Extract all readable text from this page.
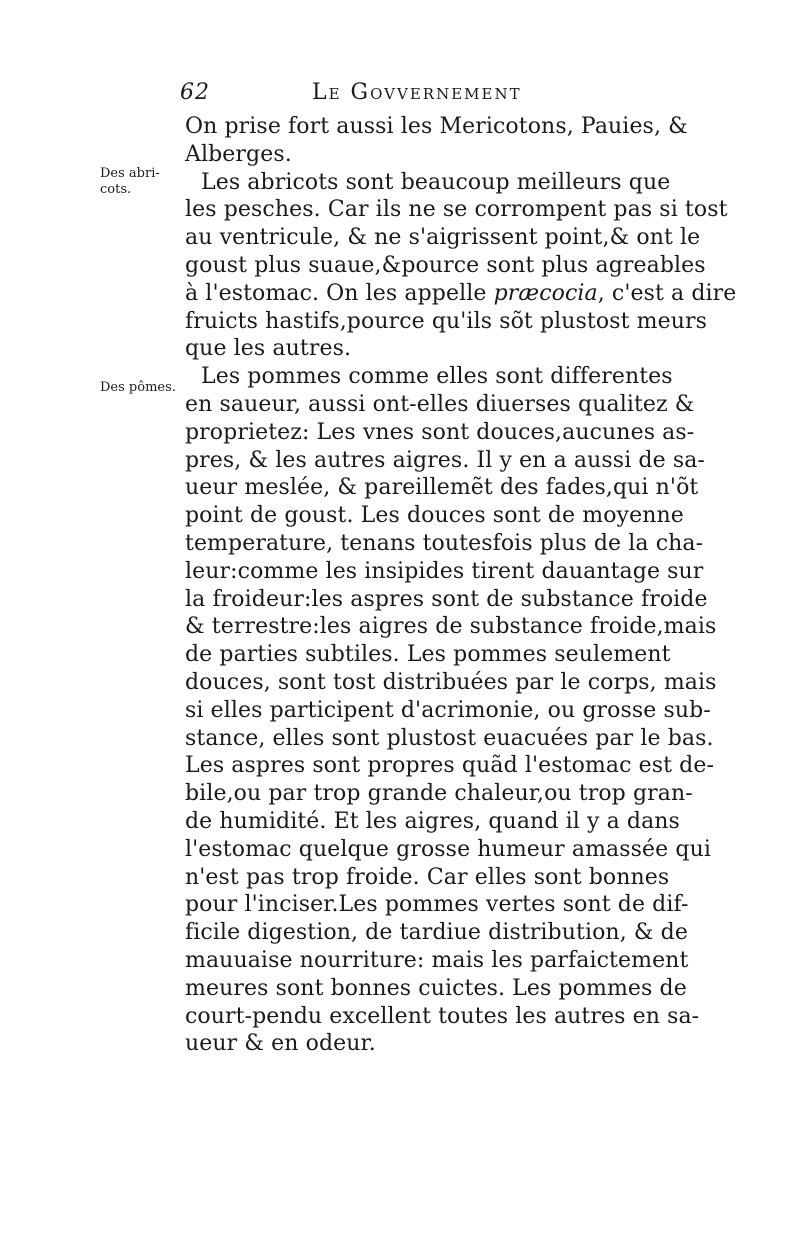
62	Le Govvernement
Des abri-
cots.
Des pômes.
On prise fort aussi les Mericotons, Pauies, &
Alberges.
Les abricots sont beaucoup meilleurs que
les pesches. Car ils ne se corrompent pas si tost
au ventricule, & ne s'aigrissent point,& ont le
goust plus suaue,&pource sont plus agreables
à l'estomac. On les appelle præcocia, c'est a dire
fruicts hastifs,pource qu'ils sõt plustost meurs
que les autres.
Les pommes comme elles sont differentes
en saueur, aussi ont-elles diuerses qualitez &
proprietez: Les vnes sont douces,aucunes as-
pres, & les autres aigres. Il y en a aussi de sa-
ueur meslée, & pareillemẽt des fades,qui n'õt
point de goust. Les douces sont de moyenne
temperature, tenans toutesfois plus de la cha-
leur:comme les insipides tirent dauantage sur
la froideur:les aspres sont de substance froide
& terrestre:les aigres de substance froide,mais
de parties subtiles. Les pommes seulement
douces, sont tost distribuées par le corps, mais
si elles participent d'acrimonie, ou grosse sub-
stance, elles sont plustost euacuées par le bas.
Les aspres sont propres quãd l'estomac est de-
bile,ou par trop grande chaleur,ou trop gran-
de humidité. Et les aigres, quand il y a dans
l'estomac quelque grosse humeur amassée qui
n'est pas trop froide. Car elles sont bonnes
pour l'inciser.Les pommes vertes sont de dif-
ficile digestion, de tardiue distribution, & de
mauuaise nourriture: mais les parfaictement
meures sont bonnes cuictes. Les pommes de
court-pendu excellent toutes les autres en sa-
ueur & en odeur.
